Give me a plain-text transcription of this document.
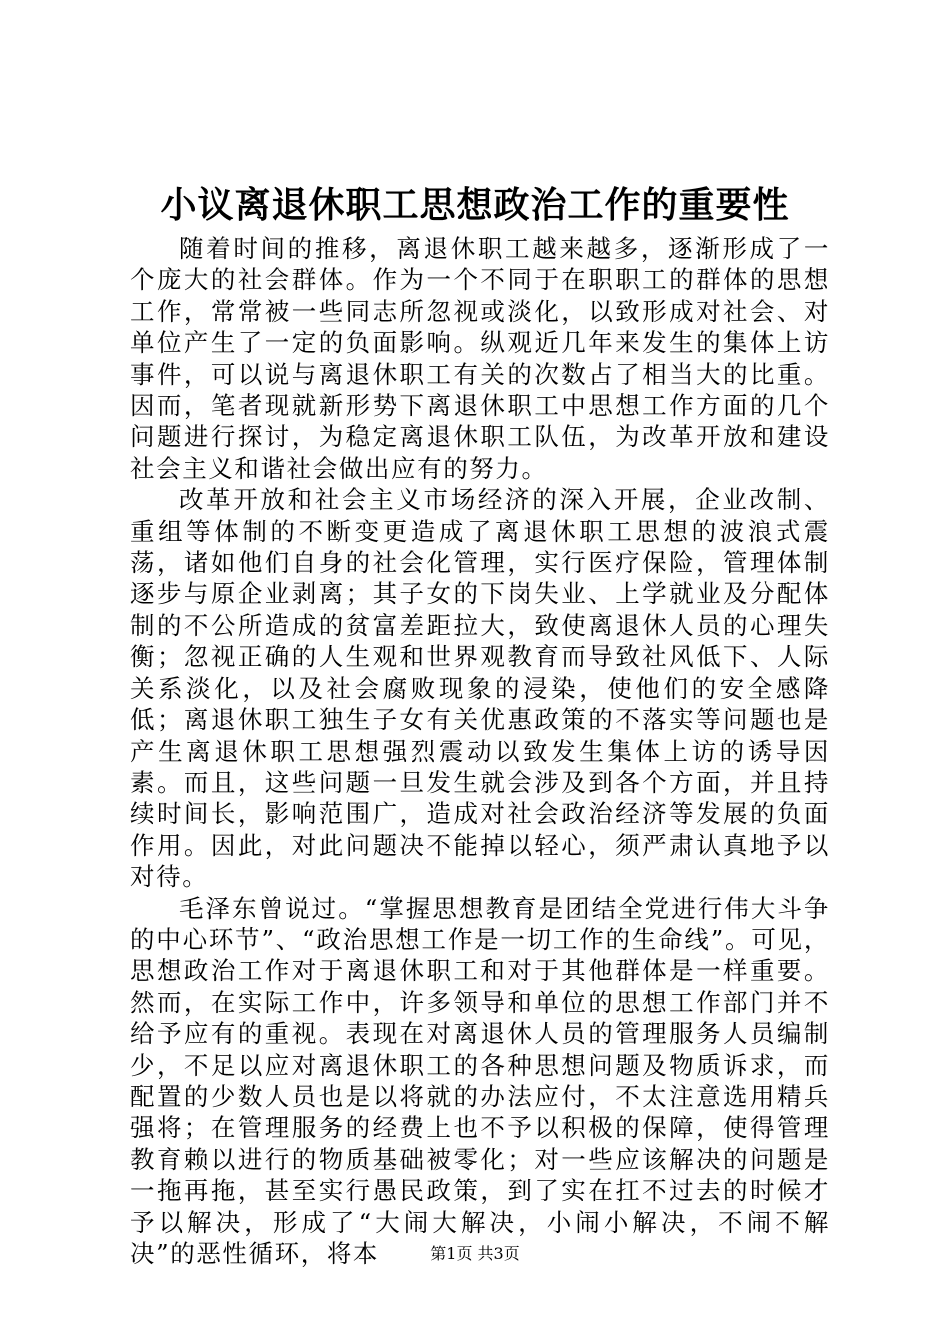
小议离退休职工思想政治工作的重要性

随着时间的推移，离退休职工越来越多，逐渐形成了一个庞大的社会群体。作为一个不同于在职职工的群体的思想工作，常常被一些同志所忽视或淡化，以致形成对社会、对单位产生了一定的负面影响。纵观近几年来发生的集体上访事件，可以说与离退休职工有关的次数占了相当大的比重。因而，笔者现就新形势下离退休职工中思想工作方面的几个问题进行探讨，为稳定离退休职工队伍，为改革开放和建设社会主义和谐社会做出应有的努力。

改革开放和社会主义市场经济的深入开展，企业改制、重组等体制的不断变更造成了离退休职工思想的波浪式震荡，诸如他们自身的社会化管理，实行医疗保险，管理体制逐步与原企业剥离；其子女的下岗失业、上学就业及分配体制的不公所造成的贫富差距拉大，致使离退休人员的心理失衡；忽视正确的人生观和世界观教育而导致社风低下、人际关系淡化，以及社会腐败现象的浸染，使他们的安全感降低；离退休职工独生子女有关优惠政策的不落实等问题也是产生离退休职工思想强烈震动以致发生集体上访的诱导因素。而且，这些问题一旦发生就会涉及到各个方面，并且持续时间长，影响范围广，造成对社会政治经济等发展的负面作用。因此，对此问题决不能掉以轻心，须严肃认真地予以对待。

毛泽东曾说过。“掌握思想教育是团结全党进行伟大斗争的中心环节”、“政治思想工作是一切工作的生命线”。可见，思想政治工作对于离退休职工和对于其他群体是一样重要。然而，在实际工作中，许多领导和单位的思想工作部门并不给予应有的重视。表现在对离退休人员的管理服务人员编制少，不足以应对离退休职工的各种思想问题及物质诉求，而配置的少数人员也是以将就的办法应付，不太注意选用精兵强将；在管理服务的经费上也不予以积极的保障，使得管理教育赖以进行的物质基础被零化；对一些应该解决的问题是一拖再拖，甚至实行愚民政策，到了实在扛不过去的时候才予以解决，形成了“大闹大解决，小闹小解决，不闹不解决”的恶性循环，将本	第1页 共3页
